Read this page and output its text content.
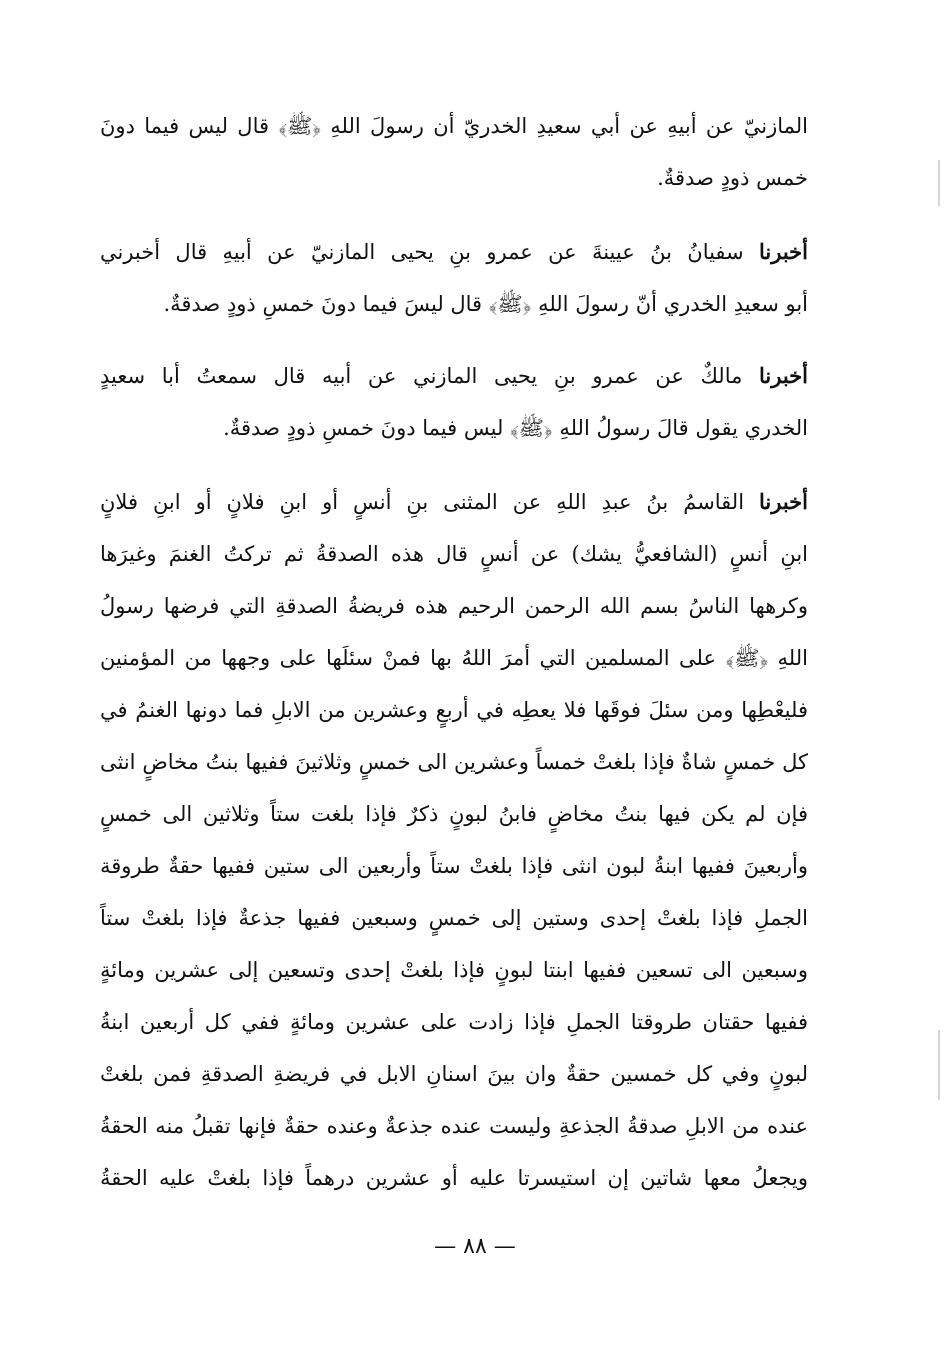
المازنيّ عن أبيهِ عن أبي سعيدِ الخدريّ أن رسولَ اللهِ ﴿ﷺ﴾ قال ليس فيما دونَ
خمس ذودٍ صدقةٌ.
أخبرنا سفيانُ بنُ عيينةَ عن عمرو بنِ يحيى المازنيّ عن أبيهِ قال أخبرني
أبو سعيدِ الخدري أنّ رسولَ اللهِ ﴿ﷺ﴾ قال ليسَ فيما دونَ خمسِ ذودٍ صدقةٌ.
أخبرنا مالكٌ عن عمرو بنِ يحيى المازني عن أبيه قال سمعتُ أبا سعيدٍ
الخدري يقول قالَ رسولُ اللهِ ﴿ﷺ﴾ ليس فيما دونَ خمسِ ذودٍ صدقةٌ.
أخبرنا القاسمُ بنُ عبدِ اللهِ عن المثنى بنِ أنسٍ أو ابنِ فلانٍ أو ابنِ فلانٍ
ابنِ أنسٍ (الشافعيُّ يشك) عن أنسٍ قال هذه الصدقةُ ثم تركتُ الغنمَ وغيرَها
وكرهها الناسُ بسم الله الرحمن الرحيم هذه فريضةُ الصدقةِ التي فرضها رسولُ
اللهِ ﴿ﷺ﴾ على المسلمين التي أمرَ اللهُ بها فمنْ سئلَها على وجهها من المؤمنين
فليعْطِها ومن سئلَ فوقَها فلا يعطِه في أربعٍ وعشرين من الابلِ فما دونها الغنمُ في
كل خمسٍ شاةٌ فإذا بلغتْ خمساً وعشرين الى خمسٍ وثلاثينَ ففيها بنتُ مخاضٍ انثى
فإن لم يكن فيها بنتُ مخاضٍ فابنُ لبونٍ ذكرٌ فإذا بلغت ستاً وثلاثين الى خمسٍ
وأربعينَ ففيها ابنةُ لبون انثى فإذا بلغتْ ستاً وأربعين الى ستين ففيها حقةٌ طروقة
الجملِ فإذا بلغتْ إحدى وستين إلى خمسٍ وسبعين ففيها جذعةٌ فإذا بلغتْ ستاً
وسبعين الى تسعين ففيها ابنتا لبونٍ فإذا بلغتْ إحدى وتسعين إلى عشرين ومائةٍ
ففيها حقتان طروقتا الجملِ فإذا زادت على عشرين ومائةٍ ففي كل أربعين ابنةُ
لبونٍ وفي كل خمسين حقةٌ وان بينَ اسنانِ الابل في فريضةِ الصدقةِ فمن بلغتْ
عنده من الابلِ صدقةُ الجذعةِ وليست عنده جذعةٌ وعنده حقةٌ فإنها تقبلُ منه الحقةُ
ويجعلُ معها شاتين إن استيسرتا عليه أو عشرين درهماً فإذا بلغتْ عليه الحقةُ
— ٨٨ —
